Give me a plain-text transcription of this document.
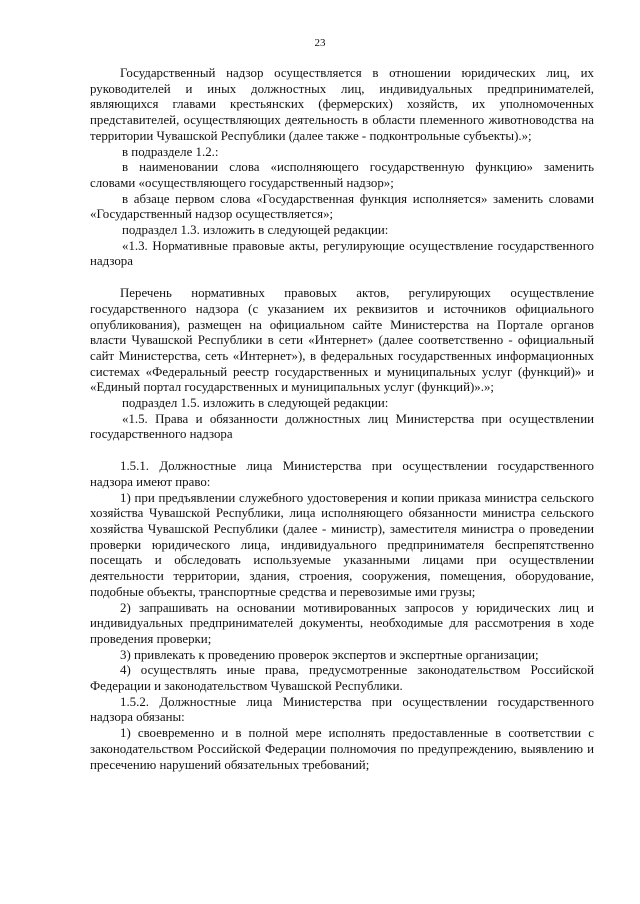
23

Государственный надзор осуществляется в отношении юридических лиц, их руководителей и иных должностных лиц, индивидуальных предпринимателей, являющихся главами крестьянских (фермерских) хозяйств, их уполномоченных представителей, осуществляющих деятельность в области племенного животноводства на территории Чувашской Республики (далее также - подконтрольные субъекты).»;

в подразделе 1.2.:

в наименовании слова «исполняющего государственную функцию» заменить словами «осуществляющего государственный надзор»;

в абзаце первом слова «Государственная функция исполняется» заменить словами «Государственный надзор осуществляется»;

подраздел 1.3. изложить в следующей редакции:

«1.3. Нормативные правовые акты, регулирующие осуществление государственного надзора

Перечень нормативных правовых актов, регулирующих осуществление государственного надзора (с указанием их реквизитов и источников официального опубликования), размещен на официальном сайте Министерства на Портале органов власти Чувашской Республики в сети «Интернет» (далее соответственно - официальный сайт Министерства, сеть «Интернет»), в федеральных государственных информационных системах «Федеральный реестр государственных и муниципальных услуг (функций)» и «Единый портал государственных и муниципальных услуг (функций)».»;

подраздел 1.5. изложить в следующей редакции:

«1.5. Права и обязанности должностных лиц Министерства при осуществлении государственного надзора

1.5.1. Должностные лица Министерства при осуществлении государственного надзора имеют право:

1) при предъявлении служебного удостоверения и копии приказа министра сельского хозяйства Чувашской Республики, лица исполняющего обязанности министра сельского хозяйства Чувашской Республики (далее - министр), заместителя министра о проведении проверки юридического лица, индивидуального предпринимателя беспрепятственно посещать и обследовать используемые указанными лицами при осуществлении деятельности территории, здания, строения, сооружения, помещения, оборудование, подобные объекты, транспортные средства и перевозимые ими грузы;

2) запрашивать на основании мотивированных запросов у юридических лиц и индивидуальных предпринимателей документы, необходимые для рассмотрения в ходе проведения проверки;

3) привлекать к проведению проверок экспертов и экспертные организации;

4) осуществлять иные права, предусмотренные законодательством Российской Федерации и законодательством Чувашской Республики.

1.5.2. Должностные лица Министерства при осуществлении государственного надзора обязаны:

1) своевременно и в полной мере исполнять предоставленные в соответствии с законодательством Российской Федерации полномочия по предупреждению, выявлению и пресечению нарушений обязательных требований;
